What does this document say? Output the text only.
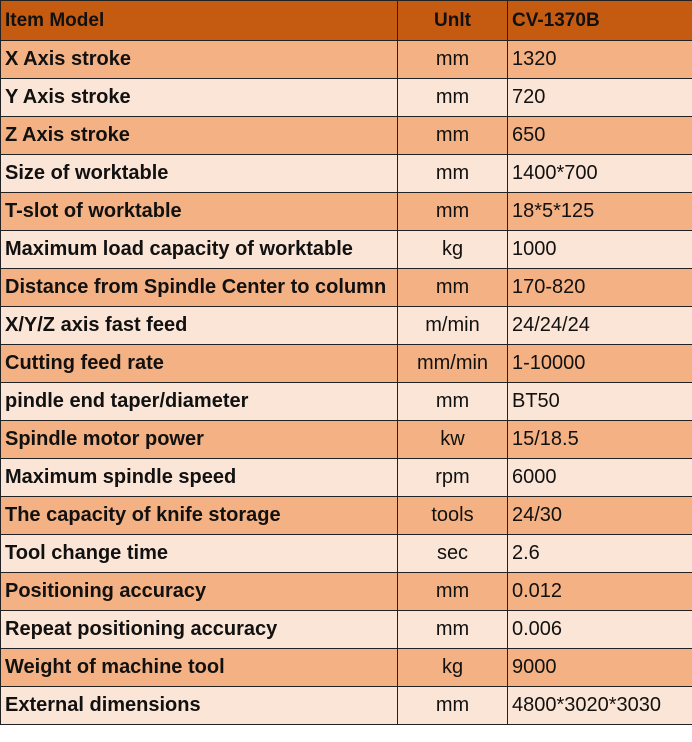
Item Model	Unlt	CV-1370B
X Axis stroke	mm	1320
Y Axis stroke	mm	720
Z Axis stroke	mm	650
Size of worktable	mm	1400*700
T-slot of worktable	mm	18*5*125
Maximum load capacity of worktable	kg	1000
Distance from Spindle Center to column	mm	170-820
X/Y/Z axis fast feed	m/min	24/24/24
Cutting feed rate	mm/min	1-10000
pindle end taper/diameter	mm	BT50
Spindle motor power	kw	15/18.5
Maximum spindle speed	rpm	6000
The capacity of knife storage	tools	24/30
Tool change time	sec	2.6
Positioning accuracy	mm	0.012
Repeat positioning accuracy	mm	0.006
Weight of machine tool	kg	9000
External dimensions	mm	4800*3020*3030
